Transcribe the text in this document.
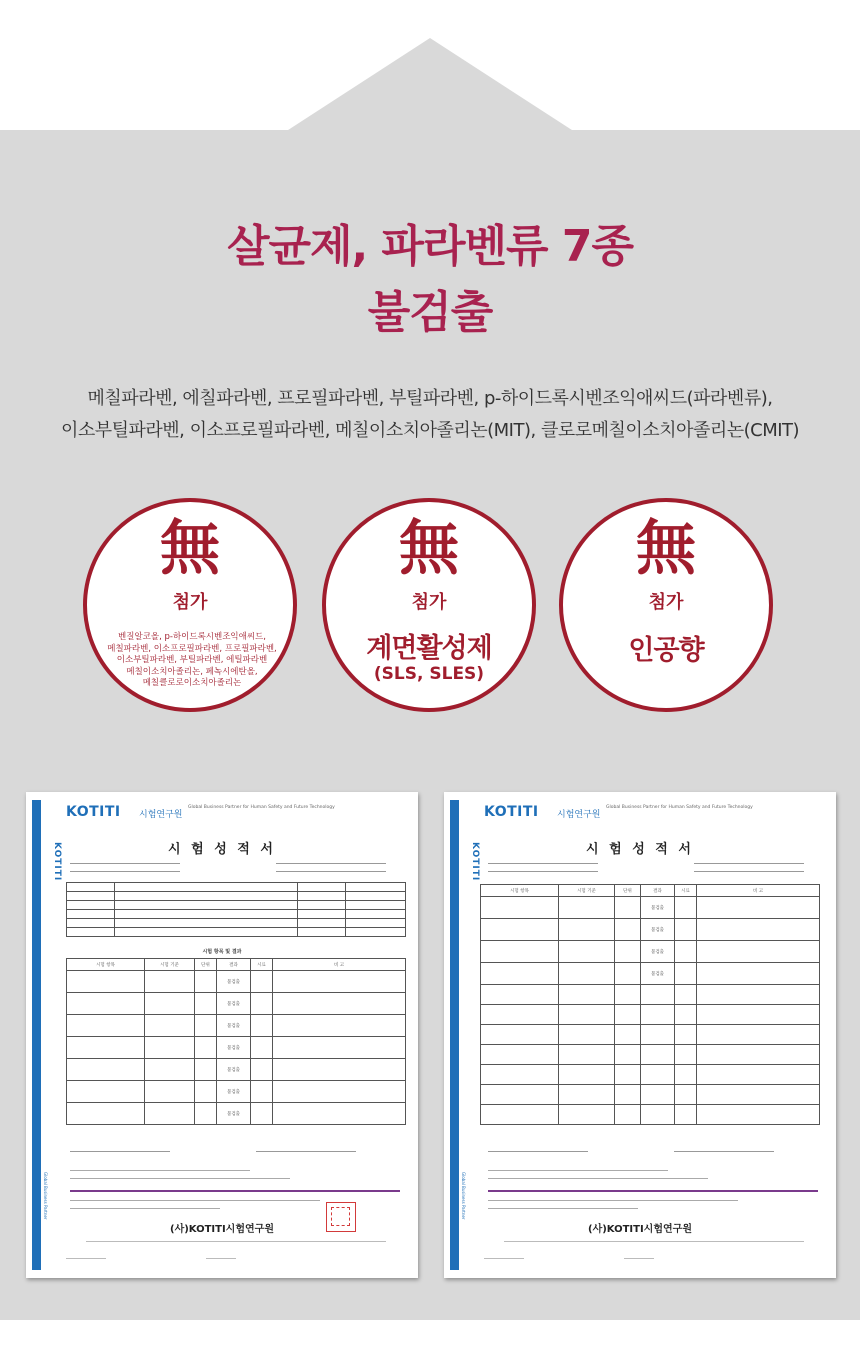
살균제, 파라벤류 7종
불검출
메칠파라벤, 에칠파라벤, 프로필파라벤, 부틸파라벤, p-하이드록시벤조익애씨드(파라벤류),
이소부틸파라벤, 이소프로필파라벤, 메칠이소치아졸리논(MIT), 클로로메칠이소치아졸리논(CMIT)
無
첨가
벤질알코올, p-하이드록시벤조익애씨드,
메칠파라벤, 이소프로필파라벤, 프로필파라벤,
이소부틸파라벤, 부틸파라벤, 에틸파라벤
메칠이소치아졸리논, 페녹시에탄올,
메칠클로로이소치아졸리논
無
첨가
계면활성제
(SLS, SLES)
無
첨가
인공향
KOTITI
Global Business Partner
KOTITI 시험연구원
Global Business Partner for Human Safety and Future Technology
시 험 성 적 서

시험 항목 및 결과
시험 항목	시험 기준	단위	결과	시료	비 고
			불검출		
			불검출		
			불검출		
			불검출		
			불검출		
			불검출		
			불검출		
(사)KOTITI시험연구원
KOTITI
Global Business Partner
KOTITI 시험연구원
Global Business Partner for Human Safety and Future Technology
시 험 성 적 서
시험 항목	시험 기준	단위	결과	시료	비 고
			불검출		
			불검출		
			불검출		
			불검출		

(사)KOTITI시험연구원
